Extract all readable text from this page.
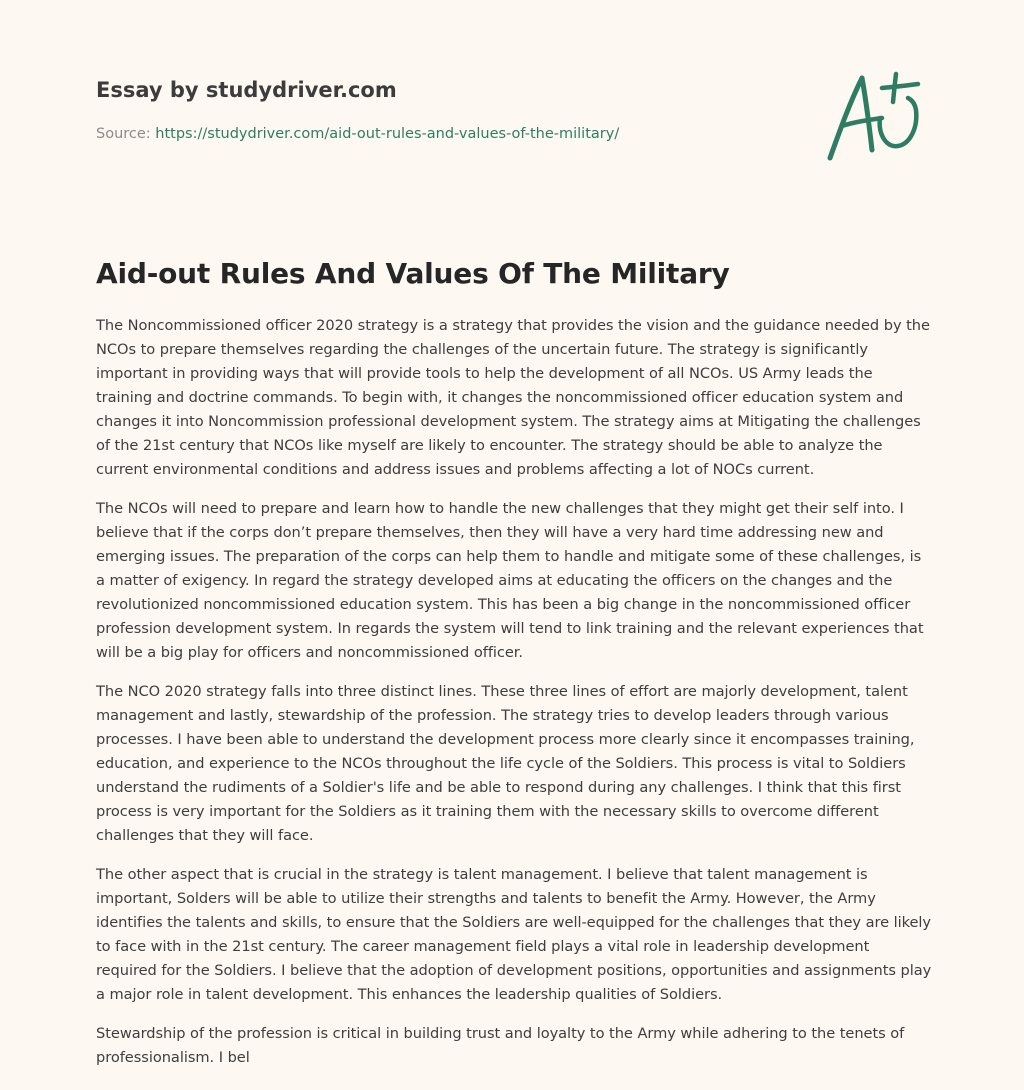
Essay by studydriver.com
Source: https://studydriver.com/aid-out-rules-and-values-of-the-military/
Aid-out Rules And Values Of The Military

The Noncommissioned officer 2020 strategy is a strategy that provides the vision and the guidance needed by the NCOs to prepare themselves regarding the challenges of the uncertain future. The strategy is significantly important in providing ways that will provide tools to help the development of all NCOs. US Army leads the training and doctrine commands. To begin with, it changes the noncommissioned officer education system and changes it into Noncommission professional development system. The strategy aims at Mitigating the challenges of the 21st century that NCOs like myself are likely to encounter. The strategy should be able to analyze the current environmental conditions and address issues and problems affecting a lot of NOCs current.

The NCOs will need to prepare and learn how to handle the new challenges that they might get their self into. I believe that if the corps don’t prepare themselves, then they will have a very hard time addressing new and emerging issues. The preparation of the corps can help them to handle and mitigate some of these challenges, is a matter of exigency. In regard the strategy developed aims at educating the officers on the changes and the revolutionized noncommissioned education system. This has been a big change in the noncommissioned officer profession development system. In regards the system will tend to link training and the relevant experiences that will be a big play for officers and noncommissioned officer.

The NCO 2020 strategy falls into three distinct lines. These three lines of effort are majorly development, talent management and lastly, stewardship of the profession. The strategy tries to develop leaders through various processes. I have been able to understand the development process more clearly since it encompasses training, education, and experience to the NCOs throughout the life cycle of the Soldiers. This process is vital to Soldiers understand the rudiments of a Soldier's life and be able to respond during any challenges. I think that this first process is very important for the Soldiers as it training them with the necessary skills to overcome different challenges that they will face.

The other aspect that is crucial in the strategy is talent management. I believe that talent management is important, Solders will be able to utilize their strengths and talents to benefit the Army. However, the Army identifies the talents and skills, to ensure that the Soldiers are well-equipped for the challenges that they are likely to face with in the 21st century. The career management field plays a vital role in leadership development required for the Soldiers. I believe that the adoption of development positions, opportunities and assignments play a major role in talent development. This enhances the leadership qualities of Soldiers.

Stewardship of the profession is critical in building trust and loyalty to the Army while adhering to the tenets of professionalism. I bel
